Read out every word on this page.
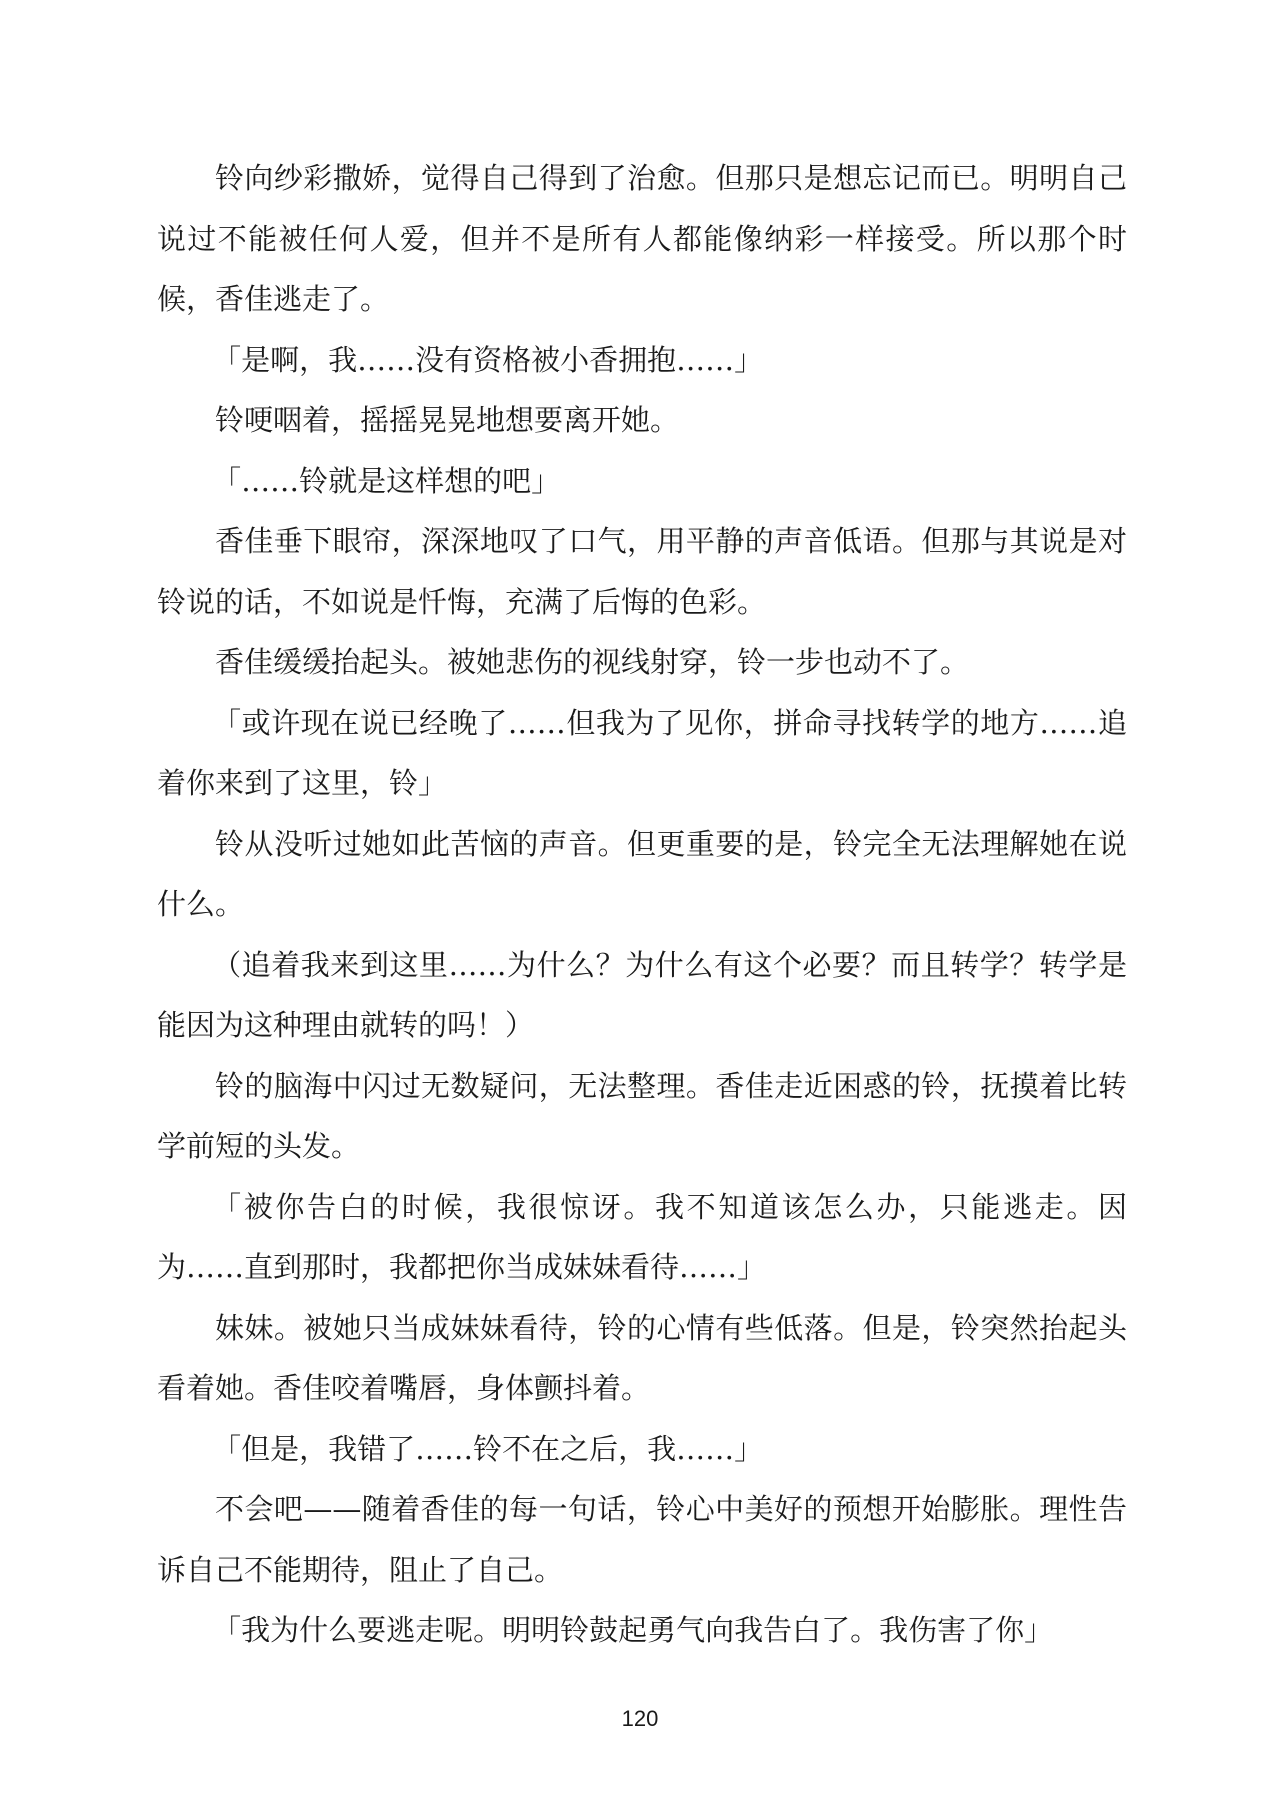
铃向纱彩撒娇，觉得自己得到了治愈。但那只是想忘记而已。明明自己说过不能被任何人爱，但并不是所有人都能像纳彩一样接受。所以那个时候，香佳逃走了。

「是啊，我……没有资格被小香拥抱……」

铃哽咽着，摇摇晃晃地想要离开她。

「……铃就是这样想的吧」

香佳垂下眼帘，深深地叹了口气，用平静的声音低语。但那与其说是对铃说的话，不如说是忏悔，充满了后悔的色彩。

香佳缓缓抬起头。被她悲伤的视线射穿，铃一步也动不了。

「或许现在说已经晚了……但我为了见你，拼命寻找转学的地方……追着你来到了这里，铃」

铃从没听过她如此苦恼的声音。但更重要的是，铃完全无法理解她在说什么。

（追着我来到这里……为什么？为什么有这个必要？而且转学？转学是能因为这种理由就转的吗！）

铃的脑海中闪过无数疑问，无法整理。香佳走近困惑的铃，抚摸着比转学前短的头发。

「被你告白的时候，我很惊讶。我不知道该怎么办，只能逃走。因为……直到那时，我都把你当成妹妹看待……」

妹妹。被她只当成妹妹看待，铃的心情有些低落。但是，铃突然抬起头看着她。香佳咬着嘴唇，身体颤抖着。

「但是，我错了……铃不在之后，我……」

不会吧——随着香佳的每一句话，铃心中美好的预想开始膨胀。理性告诉自己不能期待，阻止了自己。

「我为什么要逃走呢。明明铃鼓起勇气向我告白了。我伤害了你」

120
